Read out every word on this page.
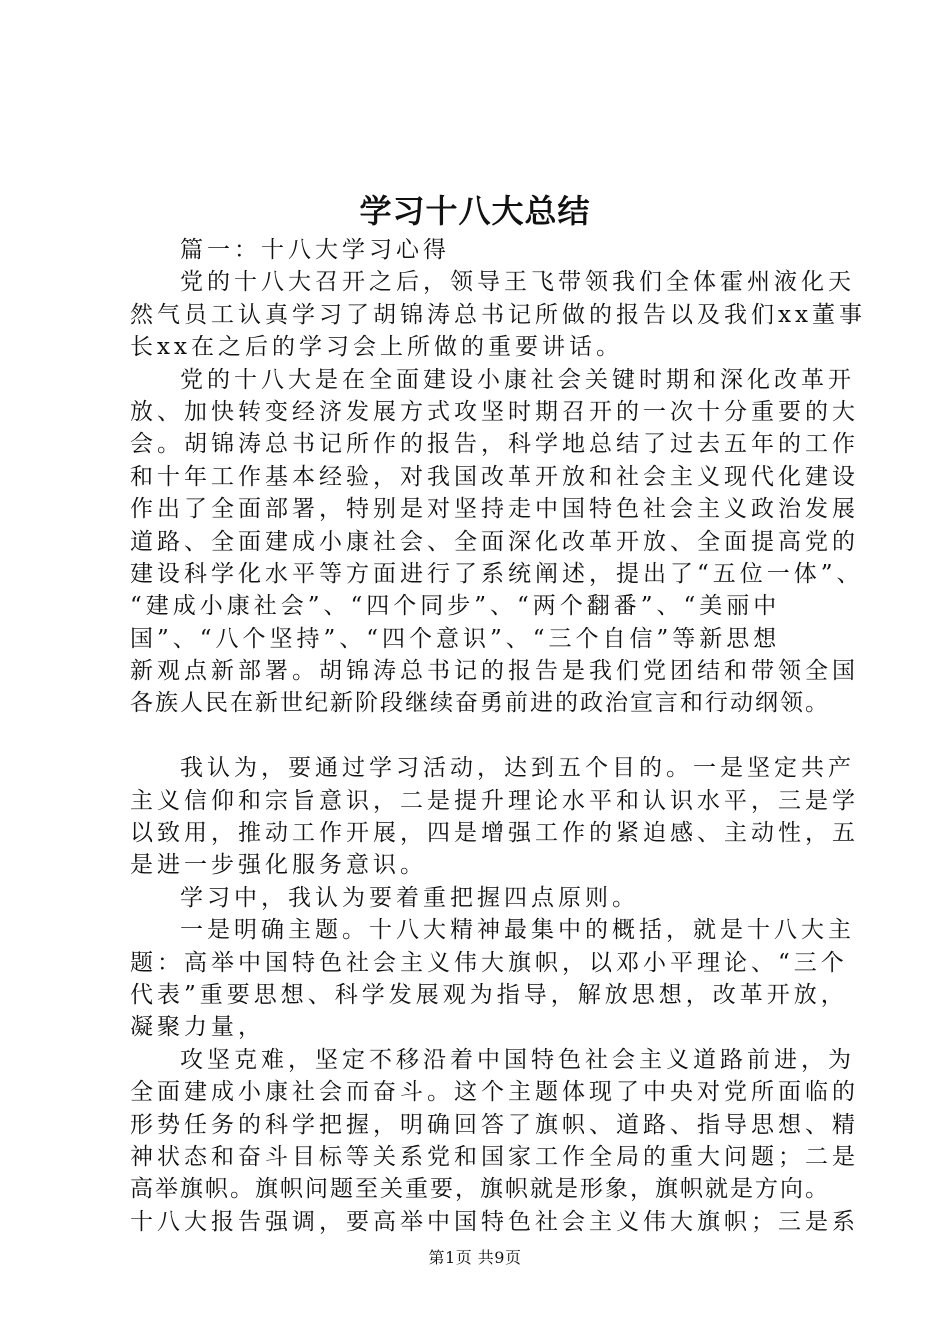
学习十八大总结
篇一：十八大学习心得
党的十八大召开之后，领导王飞带领我们全体霍州液化天
然气员工认真学习了胡锦涛总书记所做的报告以及我们xx董事
长xx在之后的学习会上所做的重要讲话。
党的十八大是在全面建设小康社会关键时期和深化改革开
放、加快转变经济发展方式攻坚时期召开的一次十分重要的大
会。胡锦涛总书记所作的报告，科学地总结了过去五年的工作
和十年工作基本经验，对我国改革开放和社会主义现代化建设
作出了全面部署，特别是对坚持走中国特色社会主义政治发展
道路、全面建成小康社会、全面深化改革开放、全面提高党的
建设科学化水平等方面进行了系统阐述，提出了“五位一体”、
“建成小康社会”、“四个同步”、“两个翻番”、“美丽中
国”、“八个坚持”、“四个意识”、“三个自信”等新思想
新观点新部署。胡锦涛总书记的报告是我们党团结和带领全国
各族人民在新世纪新阶段继续奋勇前进的政治宣言和行动纲领。
我认为，要通过学习活动，达到五个目的。一是坚定共产
主义信仰和宗旨意识，二是提升理论水平和认识水平，三是学
以致用，推动工作开展，四是增强工作的紧迫感、主动性，五
是进一步强化服务意识。
学习中，我认为要着重把握四点原则。
一是明确主题。十八大精神最集中的概括，就是十八大主
题：高举中国特色社会主义伟大旗帜，以邓小平理论、“三个
代表”重要思想、科学发展观为指导，解放思想，改革开放，
凝聚力量，
攻坚克难，坚定不移沿着中国特色社会主义道路前进，为
全面建成小康社会而奋斗。这个主题体现了中央对党所面临的
形势任务的科学把握，明确回答了旗帜、道路、指导思想、精
神状态和奋斗目标等关系党和国家工作全局的重大问题；二是
高举旗帜。旗帜问题至关重要，旗帜就是形象，旗帜就是方向。
十八大报告强调，要高举中国特色社会主义伟大旗帜；三是系
第1页 共9页
